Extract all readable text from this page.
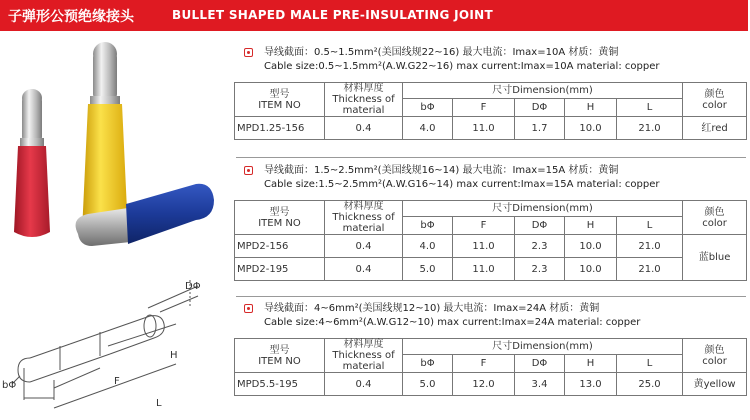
子弹形公预绝缘接头	BULLET SHAPED MALE PRE-INSULATING JOINT
DΦ
bΦ
H
F
L
导线截面：0.5~1.5mm²(美国线规22~16) 最大电流：Imax=10A 材质：黄铜
Cable size:0.5~1.5mm²(A.W.G22~16) max current:Imax=10A material: copper
型号
ITEM NO	材料厚度
Thickness of
material	尺寸Dimension(mm)					颜色
color
		bΦ	F	DΦ	H	L	
MPD1.25-156	0.4	4.0	11.0	1.7	10.0	21.0	红red
导线截面：1.5~2.5mm²(美国线规16~14) 最大电流：Imax=15A 材质：黄铜
Cable size:1.5~2.5mm²(A.W.G16~14) max current:Imax=15A material: copper
型号
ITEM NO	材料厚度
Thickness of
material	尺寸Dimension(mm)					颜色
color
		bΦ	F	DΦ	H	L	
MPD2-156	0.4	4.0	11.0	2.3	10.0	21.0	蓝blue
MPD2-195	0.4	5.0	11.0	2.3	10.0	21.0	
导线截面：4~6mm²(美国线规12~10) 最大电流：Imax=24A 材质：黄铜
Cable size:4~6mm²(A.W.G12~10) max current:Imax=24A material: copper
型号
ITEM NO	材料厚度
Thickness of
material	尺寸Dimension(mm)					颜色
color
		bΦ	F	DΦ	H	L	
MPD5.5-195	0.4	5.0	12.0	3.4	13.0	25.0	黄yellow
